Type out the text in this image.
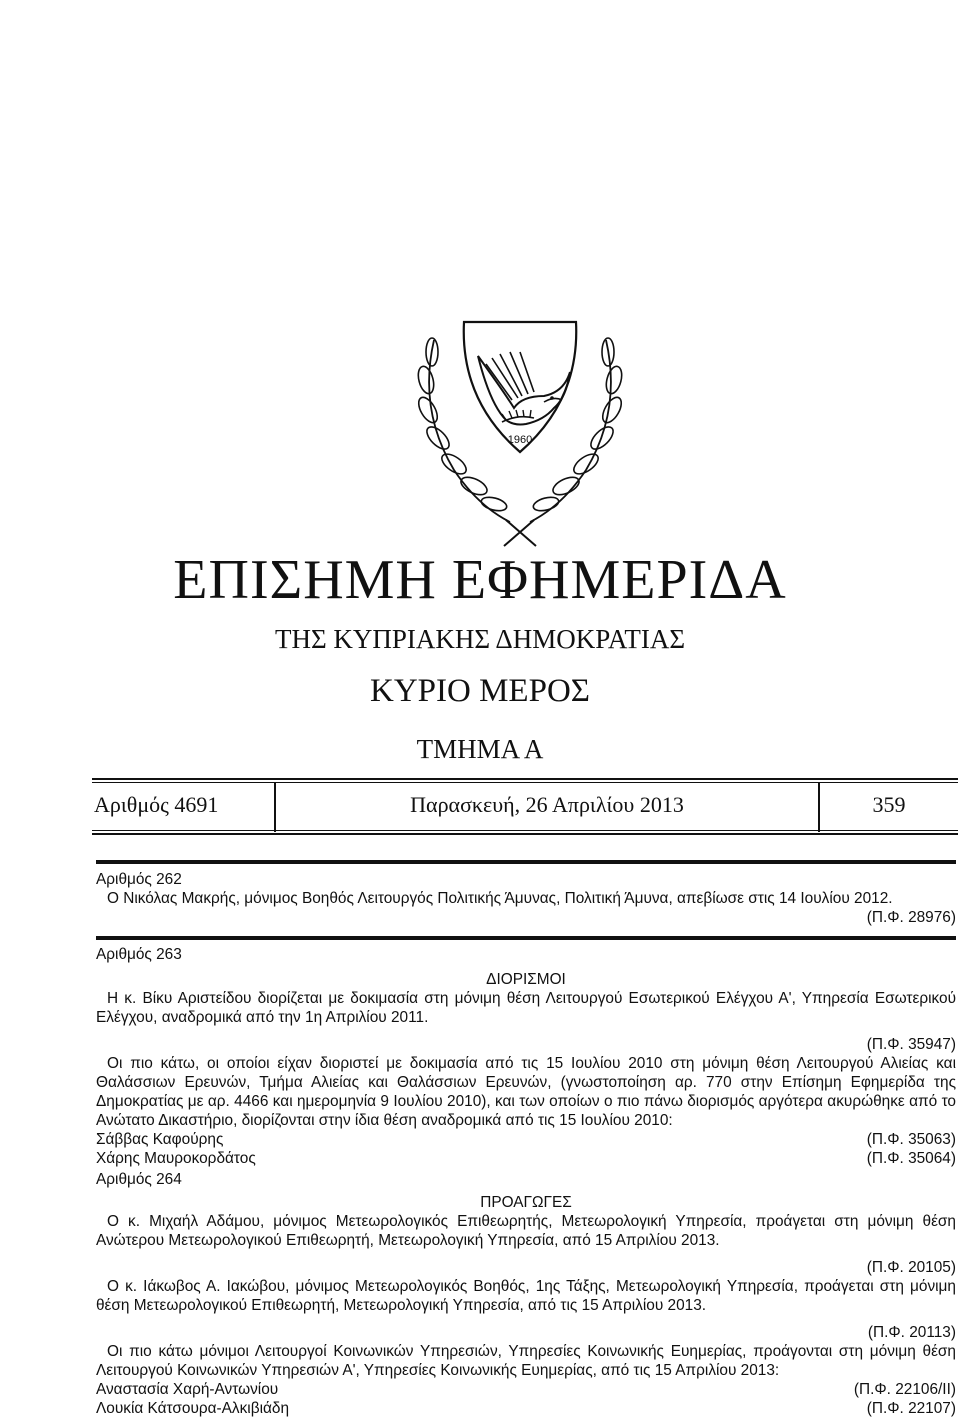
1960
ΕΠΙΣΗΜΗ ΕΦΗΜΕΡΙΔΑ
ΤΗΣ ΚΥΠΡΙΑΚΗΣ ΔΗΜΟΚΡΑΤΙΑΣ
ΚΥΡΙΟ ΜΕΡΟΣ
ΤΜΗΜΑ Α
Αριθμός 4691	Παρασκευή, 26 Απριλίου 2013	359

Αριθμός 262

Ο Νικόλας Μακρής, μόνιμος Βοηθός Λειτουργός Πολιτικής Άμυνας, Πολιτική Άμυνα, απεβίωσε στις 14 Ιουλίου 2012.

(Π.Φ. 28976)

Αριθμός 263

ΔΙΟΡΙΣΜΟΙ

Η κ. Βίκυ Αριστείδου διορίζεται με δοκιμασία στη μόνιμη θέση Λειτουργού Εσωτερικού Ελέγχου Α', Υπηρεσία Εσωτερικού Ελέγχου, αναδρομικά από την 1η Απριλίου 2011.

(Π.Φ. 35947)

Οι πιο κάτω, οι οποίοι είχαν διοριστεί με δοκιμασία από τις 15 Ιουλίου 2010 στη μόνιμη θέση Λειτουργού Αλιείας και Θαλάσσιων Ερευνών, Τμήμα Αλιείας και Θαλάσσιων Ερευνών, (γνωστοποίηση αρ. 770 στην Επίσημη Εφημερίδα της Δημοκρατίας με αρ. 4466 και ημερομηνία 9 Ιουλίου 2010), και των οποίων ο πιο πάνω διορισμός αργότερα ακυρώθηκε από το Ανώτατο Δικαστήριο, διορίζονται στην ίδια θέση αναδρομικά από τις 15 Ιουλίου 2010:

Σάββας Καφούρης	(Π.Φ. 35063)
Χάρης Μαυροκορδάτος	(Π.Φ. 35064)

Αριθμός 264

ΠΡΟΑΓΩΓΕΣ

Ο κ. Μιχαήλ Αδάμου, μόνιμος Μετεωρολογικός Επιθεωρητής, Μετεωρολογική Υπηρεσία, προάγεται στη μόνιμη θέση Ανώτερου Μετεωρολογικού Επιθεωρητή, Μετεωρολογική Υπηρεσία, από 15 Απριλίου 2013.

(Π.Φ. 20105)

Ο κ. Ιάκωβος Α. Ιακώβου, μόνιμος Μετεωρολογικός Βοηθός, 1ης Τάξης, Μετεωρολογική Υπηρεσία, προάγεται στη μόνιμη θέση Μετεωρολογικού Επιθεωρητή, Μετεωρολογική Υπηρεσία, από τις 15 Απριλίου 2013.

(Π.Φ. 20113)

Οι πιο κάτω μόνιμοι Λειτουργοί Κοινωνικών Υπηρεσιών, Υπηρεσίες Κοινωνικής Ευημερίας, προάγονται στη μόνιμη θέση Λειτουργού Κοινωνικών Υπηρεσιών Α', Υπηρεσίες Κοινωνικής Ευημερίας, από τις 15 Απριλίου 2013:

Αναστασία Χαρή-Αντωνίου	(Π.Φ. 22106/ΙΙ)
Λουκία Κάτσουρα-Αλκιβιάδη	(Π.Φ. 22107)
